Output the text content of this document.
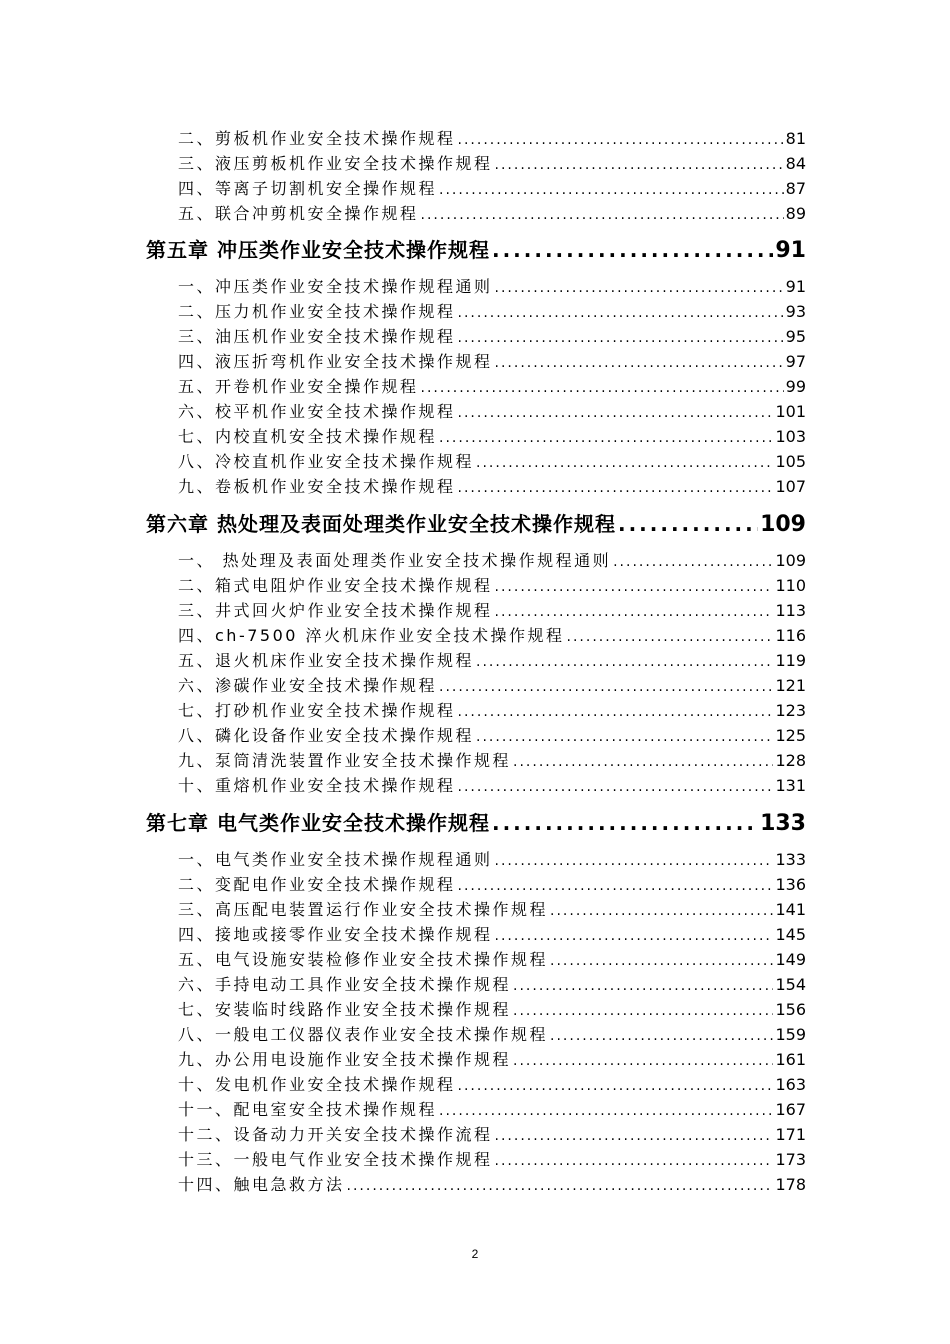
二、剪板机作业安全技术操作规程 .....	81
三、液压剪板机作业安全技术操作规程 .....	84
四、等离子切割机安全操作规程 .....	87
五、联合冲剪机安全操作规程 .....	89
第五章 冲压类作业安全技术操作规程 .....	91
一、冲压类作业安全技术操作规程通则 .....	91
二、压力机作业安全技术操作规程 .....	93
三、油压机作业安全技术操作规程 .....	95
四、液压折弯机作业安全技术操作规程 .....	97
五、开卷机作业安全操作规程 .....	99
六、校平机作业安全技术操作规程 .....	101
七、内校直机安全技术操作规程 .....	103
八、冷校直机作业安全技术操作规程 .....	105
九、卷板机作业安全技术操作规程 .....	107
第六章 热处理及表面处理类作业安全技术操作规程 .....	109
一、 热处理及表面处理类作业安全技术操作规程通则 .....	109
二、箱式电阻炉作业安全技术操作规程 .....	110
三、井式回火炉作业安全技术操作规程 .....	113
四、ch-7500 淬火机床作业安全技术操作规程 .....	116
五、退火机床作业安全技术操作规程 .....	119
六、渗碳作业安全技术操作规程 .....	121
七、打砂机作业安全技术操作规程 .....	123
八、磷化设备作业安全技术操作规程 .....	125
九、泵筒清洗装置作业安全技术操作规程 .....	128
十、重熔机作业安全技术操作规程 .....	131
第七章 电气类作业安全技术操作规程 .....	133
一、电气类作业安全技术操作规程通则 .....	133
二、变配电作业安全技术操作规程 .....	136
三、高压配电装置运行作业安全技术操作规程 .....	141
四、接地或接零作业安全技术操作规程 .....	145
五、电气设施安装检修作业安全技术操作规程 .....	149
六、手持电动工具作业安全技术操作规程 .....	154
七、安装临时线路作业安全技术操作规程 .....	156
八、一般电工仪器仪表作业安全技术操作规程 .....	159
九、办公用电设施作业安全技术操作规程 .....	161
十、发电机作业安全技术操作规程 .....	163
十一、配电室安全技术操作规程 .....	167
十二、设备动力开关安全技术操作流程 .....	171
十三、一般电气作业安全技术操作规程 .....	173
十四、触电急救方法 .....	178
2
